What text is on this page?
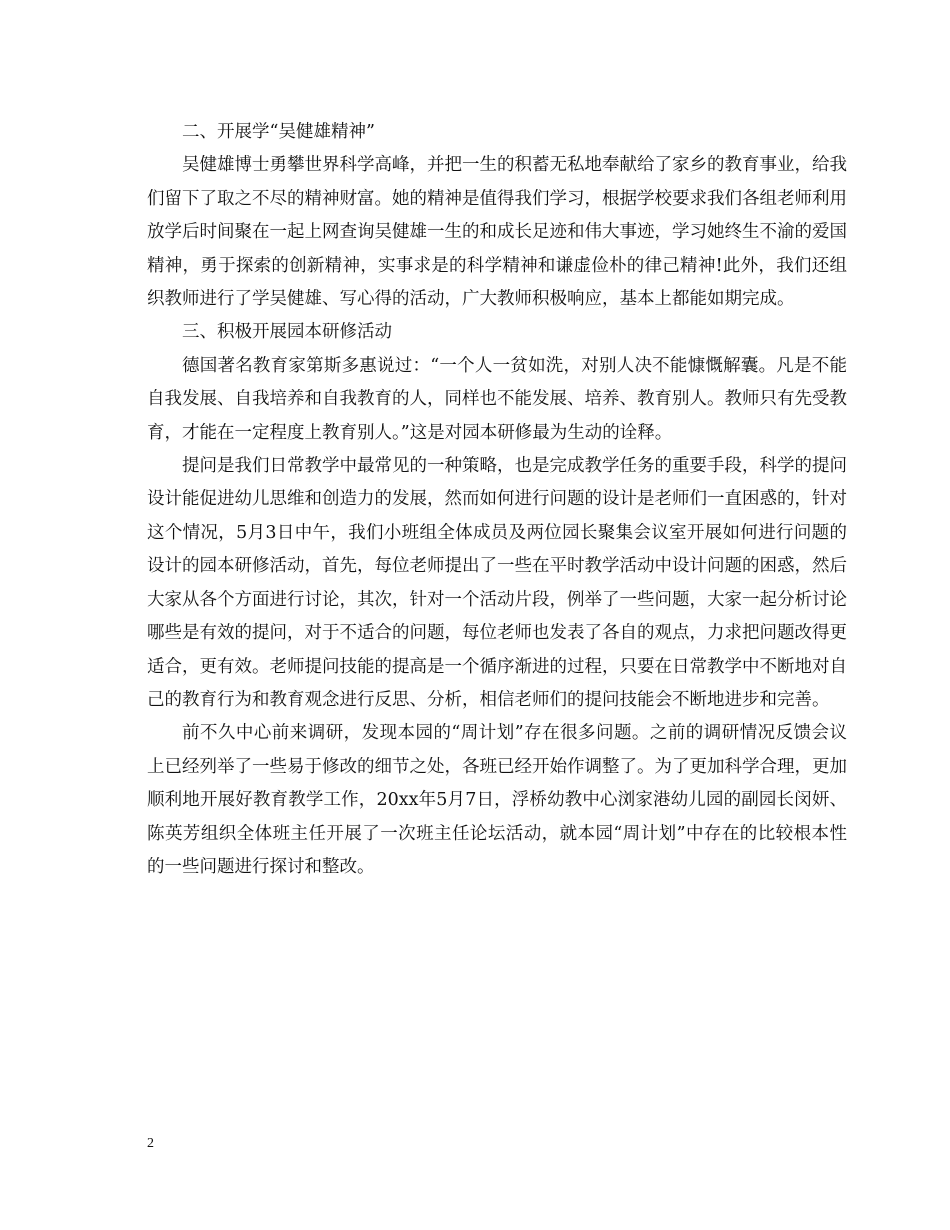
二、开展学“吴健雄精神”

吴健雄博士勇攀世界科学高峰，并把一生的积蓄无私地奉献给了家乡的教育事业，给我们留下了取之不尽的精神财富。她的精神是值得我们学习，根据学校要求我们各组老师利用放学后时间聚在一起上网查询吴健雄一生的和成长足迹和伟大事迹，学习她终生不渝的爱国精神，勇于探索的创新精神，实事求是的科学精神和谦虚俭朴的律己精神!此外，我们还组织教师进行了学吴健雄、写心得的活动，广大教师积极响应，基本上都能如期完成。

三、积极开展园本研修活动

德国著名教育家第斯多惠说过：“一个人一贫如洗，对别人决不能慷慨解囊。凡是不能自我发展、自我培养和自我教育的人，同样也不能发展、培养、教育别人。教师只有先受教育，才能在一定程度上教育别人。”这是对园本研修最为生动的诠释。

提问是我们日常教学中最常见的一种策略，也是完成教学任务的重要手段，科学的提问设计能促进幼儿思维和创造力的发展，然而如何进行问题的设计是老师们一直困惑的，针对这个情况，5月3日中午，我们小班组全体成员及两位园长聚集会议室开展如何进行问题的设计的园本研修活动，首先，每位老师提出了一些在平时教学活动中设计问题的困惑，然后大家从各个方面进行讨论，其次，针对一个活动片段，例举了一些问题，大家一起分析讨论哪些是有效的提问，对于不适合的问题，每位老师也发表了各自的观点，力求把问题改得更适合，更有效。老师提问技能的提高是一个循序渐进的过程，只要在日常教学中不断地对自己的教育行为和教育观念进行反思、分析，相信老师们的提问技能会不断地进步和完善。

前不久中心前来调研，发现本园的“周计划”存在很多问题。之前的调研情况反馈会议上已经列举了一些易于修改的细节之处，各班已经开始作调整了。为了更加科学合理，更加顺利地开展好教育教学工作，20xx年5月7日，浮桥幼教中心浏家港幼儿园的副园长闵妍、陈英芳组织全体班主任开展了一次班主任论坛活动，就本园“周计划”中存在的比较根本性的一些问题进行探讨和整改。

2
